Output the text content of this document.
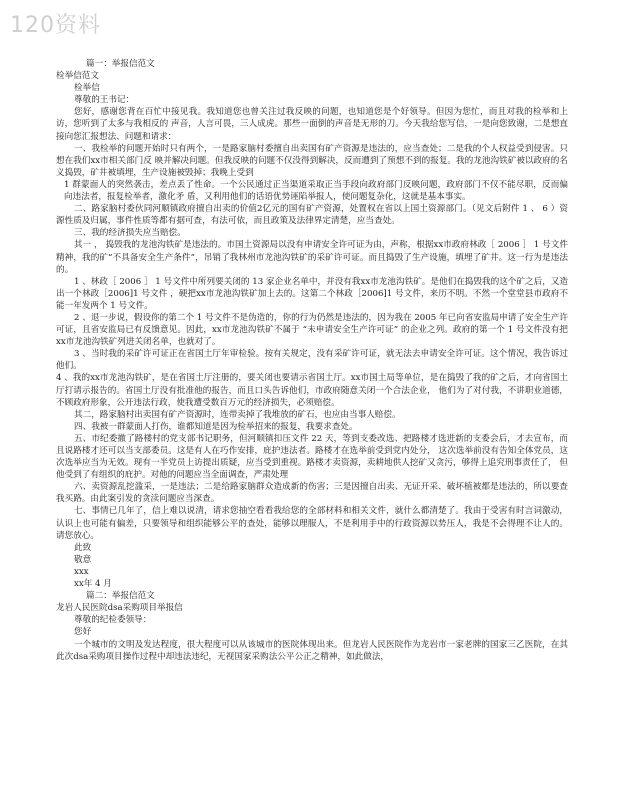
120资料

篇一：举报信范文

检举信范文

检举信

尊敬的王书记：

您好，感谢您背在百忙中接见我。我知道您也曾关注过我反映的问题，也知道您是个好领导。但因为您忙，而且对我的检举和上访，您听到了太多与我相反的 声音，人言可畏，三人成虎。那些一面倒的声音是无形的刀。今天我给您写信，一是向您致谢，二是想直接向您汇报想法、问题和请求：

一、我检举的问题开始时只有两个，一是路家脑村委擅自出卖国有矿产资源是违法的，应当查处；二是我的个人权益受到侵害。只想在我们xx市相关部门反 映并解决问题。但我反映的问题不仅没得到解决，反而遭到了预想不到的报复。我的龙池沟铁矿被以政府的名义捣毁，矿井被填埋，生产设施被毁掉；我晚上受到

1 群蒙面人的突然袭击，差点丢了性命。一个公民通过正当渠道采取正当手段向政府部门反映问题，政府部门不仅不能尽职，反而偏向违法者，报复检举者，激化矛 盾，又利用他们的话语优势诬陷举报人，使问题复杂化，这就是基本事实。

二、路家脑村委伙同河顺镇政府擅自出卖的价值2亿元的国有矿产资源，处置权在省以上国土资源部门。（见文后附件 1 、 6 ）资源性质及归属，事件性质等都有据可查，有法可依，而且政策及法律界定清楚，应当查处。

三、我的经济损失应当赔偿。

其一 ， 捣毁我的龙池沟铁矿是违法的。市国土资源局以没有申请安全许可证为由，声称，根据xx市政府林政［ 2006 ］ 1 号文件精神，我的矿“不具备安全生产条件”，吊销了我林州市龙池沟铁矿的采矿许可证。而且捣毁了生产设施，填埋了矿井。这一行为是违法的。

1 、林政［ 2006 ］ 1 号文件中所列要关闭的 13 家企业名单中，并没有我xx市龙池沟铁矿。是他们在捣毁我的这个矿之后，又造出一个林政［2006]1 号文件 ，硬把xx市龙池沟铁矿加上去的。这第二个林政［2006]1 号文件，来历不明。不然一个堂堂县市政府不能一年发两个 1 号文件。

2 、退一步说，假设你的第二个 1 号文件不是伪造的，你的行为仍然是违法的，因为我在 2005 年已向省安监局申请了安全生产许可证，且省安监局已有反馈意见。因此，xx市龙池沟铁矿不属于 “未申请安全生产许可证” 的企业之列。政府的第一个 1 号文件没有把xx市龙池沟铁矿列进关闭名单，也就对了。

3 、当时我的采矿许可证正在省国土厅年审检验。按有关规定，没有采矿许可证，就无法去申请安全许可证。这个情况，我告诉过他们。

4 、我的xx市龙池沟铁矿，是在省国土厅注册的，要关闭也要请示省国土厅。xx市国土局等单位，是在捣毁了我的矿之后，才向省国土厅打请示报告的。省国土厅没有批准他的报告，而且口头告诉他们，市政府随意关闭一个合法企业， 他们为了对付我，不讲职业道德，不顾政府形象，公开违法行政，使我遭受数百万元的经济损失，必须赔偿。

其二，路家脑村出卖国有矿产资源时，连带卖掉了我堆放的矿石，也应由当事人赔偿。

四、我被一群蒙面人打伤，谁都知道是因为检举招来的报复，我要求查处。

五、市纪委撤了路楼村的党支部书记职务，但河顺镇扣压文件 22 天，等到支委改选、把路楼才选进新的支委会后，才去宣布，而且说路楼才还可以当支部委员。这是有人在巧作安排，庇护违法者。路楼才在选举前受到党内处分， 这次选举前没有告知全体党员，这次选举应当为无效。现有一半党员上访提出质疑，应当受到重视。路楼才卖资源，卖耕地供人挖矿又贪污，够得上追究刑事责任了， 但他受到了有组织的庇护。对他的问题应当全面调查，严肃处理

六、卖资源乱挖滥采，一是违法；二是给路家脑群众造成新的伤害；三是因擅自出卖、无证开采、破坏植被都是违法的，所以要查我买路。由此案引发的贪渎问题应当深查。

七、事情已几年了，信上难以说清，请求您抽空看看我给您的全部材料和相关文件，就什么都清楚了。我由于受害有时言词激动，认识上也可能有偏差，只要领导和组织能够公平的查处，能够以理服人，不是利用手中的行政资源以势压人，我是不会得理不让人的。请您放心。

此致

敬意

xxx

xx年 4 月

篇二：举报信范文

龙岩人民医院dsa采购项目举报信

尊敬的纪检委领导：

您好

一个城市的文明及发达程度，很大程度可以从该城市的医院体现出来。但龙岩人民医院作为龙岩市一家老牌的国家三乙医院，在其此次dsa采购项目操作过程中却违法违纪，无视国家采购法公平公正之精神，如此做法，
